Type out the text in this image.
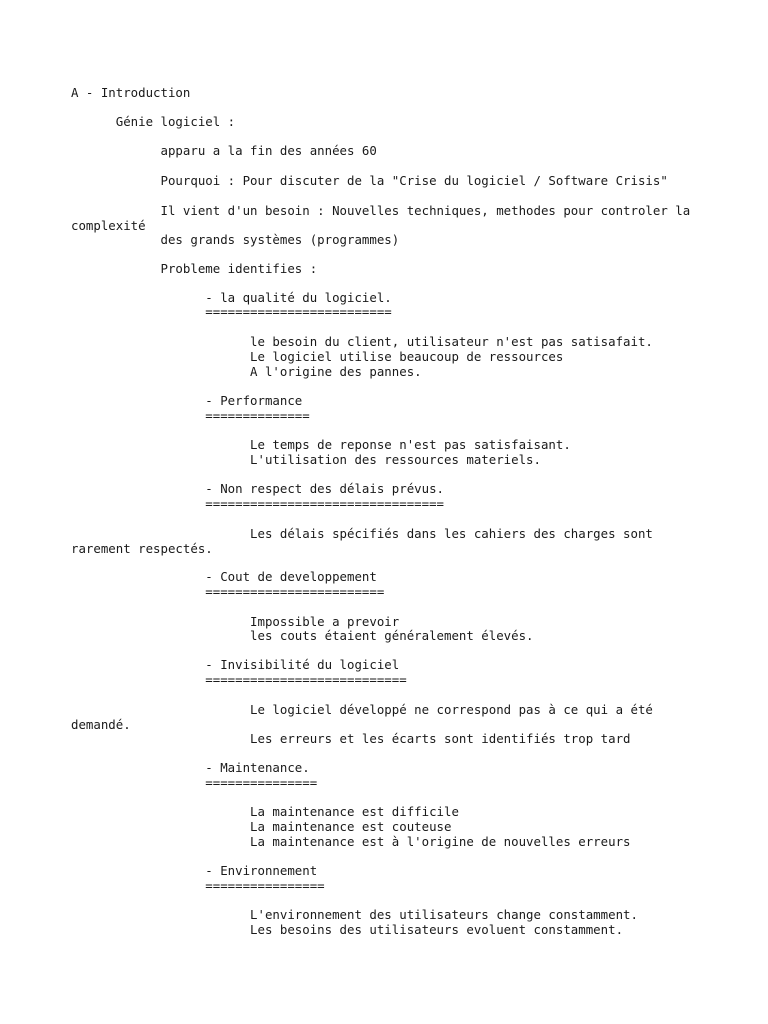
A - Introduction
Génie logiciel :
apparu a la fin des années 60
Pourquoi : Pour discuter de la "Crise du logiciel / Software Crisis"
Il vient d'un besoin : Nouvelles techniques, methodes pour controler la
complexité
des grands systèmes (programmes)
Probleme identifies :
- la qualité du logiciel.
=========================
le besoin du client, utilisateur n'est pas satisafait.
Le logiciel utilise beaucoup de ressources
A l'origine des pannes.
- Performance
==============
Le temps de reponse n'est pas satisfaisant.
L'utilisation des ressources materiels.
- Non respect des délais prévus.
================================
Les délais spécifiés dans les cahiers des charges sont
rarement respectés.
- Cout de developpement
========================
Impossible a prevoir
les couts étaient généralement élevés.
- Invisibilité du logiciel
===========================
Le logiciel développé ne correspond pas à ce qui a été
demandé.
Les erreurs et les écarts sont identifiés trop tard
- Maintenance.
===============
La maintenance est difficile
La maintenance est couteuse
La maintenance est à l'origine de nouvelles erreurs
- Environnement
================
L'environnement des utilisateurs change constamment.
Les besoins des utilisateurs evoluent constamment.
